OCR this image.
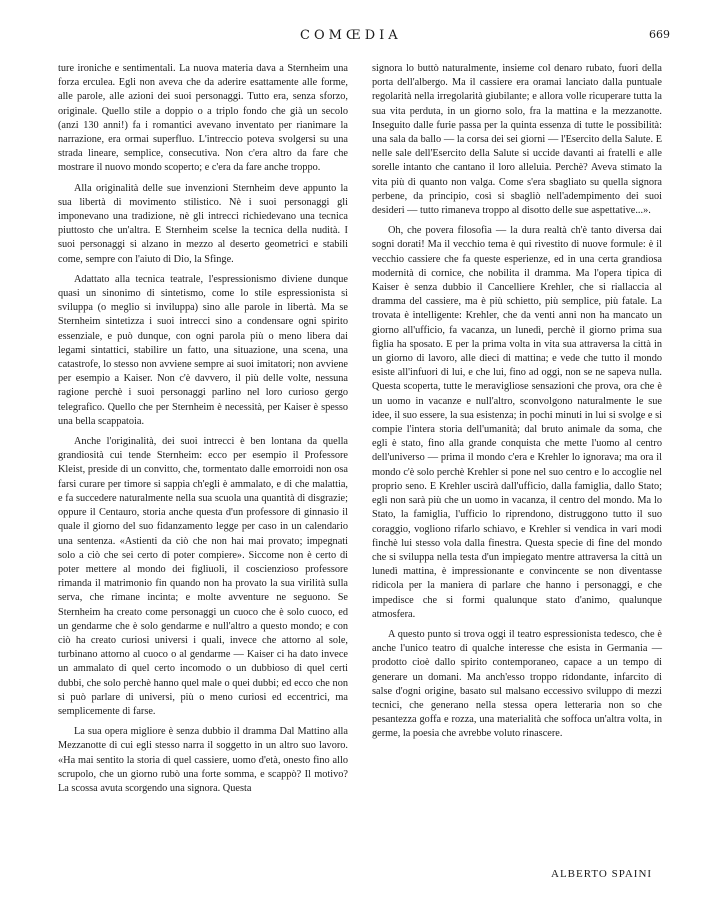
COMŒDIA	669

ture ironiche e sentimentali. La nuova materia dava a Sternheim una forza erculea. Egli non aveva che da aderire esattamente alle forme, alle parole, alle azioni dei suoi personaggi. Tutto era, senza sforzo, originale. Quello stile a doppio o a triplo fondo che già un secolo (anzi 130 anni!) fa i romantici avevano inventato per rianimare la narrazione, era ormai superfluo. L'intreccio poteva svolgersi su una strada lineare, semplice, consecutiva. Non c'era altro da fare che mostrare il nuovo mondo scoperto; e c'era da fare anche troppo.

Alla originalità delle sue invenzioni Sternheim deve appunto la sua libertà di movimento stilistico. Nè i suoi personaggi gli imponevano una tradizione, nè gli intrecci richiedevano una tecnica piuttosto che un'altra. E Sternheim scelse la tecnica della nudità. I suoi personaggi si alzano in mezzo al deserto geometrici e stabili come, sempre con l'aiuto di Dio, la Sfinge.

Adattato alla tecnica teatrale, l'espressionismo diviene dunque quasi un sinonimo di sintetismo, come lo stile espressionista si sviluppa (o meglio si inviluppa) sino alle parole in libertà. Ma se Sternheim sintetizza i suoi intrecci sino a condensare ogni spirito essenziale, e può dunque, con ogni parola più o meno libera dai legami sintattici, stabilire un fatto, una situazione, una scena, una catastrofe, lo stesso non avviene sempre ai suoi imitatori; non avviene per esempio a Kaiser. Non c'è davvero, il più delle volte, nessuna ragione perchè i suoi personaggi parlino nel loro curioso gergo telegrafico. Quello che per Sternheim è necessità, per Kaiser è spesso una bella scappatoia.

Anche l'originalità, dei suoi intrecci è ben lontana da quella grandiosità cui tende Sternheim: ecco per esempio il Professore Kleist, preside di un convitto, che, tormentato dalle emorroidi non osa farsi curare per timore si sappia ch'egli è ammalato, e di che malattia, e fa succedere naturalmente nella sua scuola una quantità di disgrazie; oppure il Centauro, storia anche questa d'un professore di ginnasio il quale il giorno del suo fidanzamento legge per caso in un calendario una sentenza. «Astienti da ciò che non hai mai provato; impegnati solo a ciò che sei certo di poter compiere». Siccome non è certo di poter mettere al mondo dei figliuoli, il coscienzioso professore rimanda il matrimonio fin quando non ha provato la sua virilità sulla serva, che rimane incinta; e molte avventure ne seguono. Se Sternheim ha creato come personaggi un cuoco che è solo cuoco, ed un gendarme che è solo gendarme e null'altro a questo mondo; e con ciò ha creato curiosi universi i quali, invece che attorno al sole, turbinano attorno al cuoco o al gendarme — Kaiser ci ha dato invece un ammalato di quel certo incomodo o un dubbioso di quel certi dubbi, che solo perchè hanno quel male o quei dubbi; ed ecco che non si può parlare di universi, più o meno curiosi ed eccentrici, ma semplicemente di farse.

La sua opera migliore è senza dubbio il dramma Dal Mattino alla Mezzanotte di cui egli stesso narra il soggetto in un altro suo lavoro. «Ha mai sentito la storia di quel cassiere, uomo d'età, onesto fino allo scrupolo, che un giorno rubò una forte somma, e scappò? Il motivo? La scossa avuta scorgendo una signora. Questa

signora lo buttò naturalmente, insieme col denaro rubato, fuori della porta dell'albergo. Ma il cassiere era oramai lanciato dalla puntuale regolarità nella irregolarità giubilante; e allora volle ricuperare tutta la sua vita perduta, in un giorno solo, fra la mattina e la mezzanotte. Inseguito dalle furie passa per la quinta essenza di tutte le possibilità: una sala da ballo — la corsa dei sei giorni — l'Esercito della Salute. E nelle sale dell'Esercito della Salute si uccide davanti ai fratelli e alle sorelle intanto che cantano il loro alleluia. Perchè? Aveva stimato la vita più di quanto non valga. Come s'era sbagliato su quella signora perbene, da principio, così si sbagliò nell'adempimento dei suoi desideri — tutto rimaneva troppo al disotto delle sue aspettative...».

Oh, che povera filosofia — la dura realtà ch'è tanto diversa dai sogni dorati! Ma il vecchio tema è qui rivestito di nuove formule: è il vecchio cassiere che fa queste esperienze, ed in una certa grandiosa modernità di cornice, che nobilita il dramma. Ma l'opera tipica di Kaiser è senza dubbio il Cancelliere Krehler, che si riallaccia al dramma del cassiere, ma è più schietto, più semplice, più fatale. La trovata è intelligente: Krehler, che da venti anni non ha mancato un giorno all'ufficio, fa vacanza, un lunedì, perchè il giorno prima sua figlia ha sposato. E per la prima volta in vita sua attraversa la città in un giorno di lavoro, alle dieci di mattina; e vede che tutto il mondo esiste all'infuori di lui, e che lui, fino ad oggi, non se ne sapeva nulla. Questa scoperta, tutte le meravigliose sensazioni che prova, ora che è un uomo in vacanze e null'altro, sconvolgono naturalmente le sue idee, il suo essere, la sua esistenza; in pochi minuti in lui si svolge e si compie l'intera storia dell'umanità; dal bruto animale da soma, che egli è stato, fino alla grande conquista che mette l'uomo al centro dell'universo — prima il mondo c'era e Krehler lo ignorava; ma ora il mondo c'è solo perchè Krehler si pone nel suo centro e lo accoglie nel proprio seno. E Krehler uscirà dall'ufficio, dalla famiglia, dallo Stato; egli non sarà più che un uomo in vacanza, il centro del mondo. Ma lo Stato, la famiglia, l'ufficio lo riprendono, distruggono tutto il suo coraggio, vogliono rifarlo schiavo, e Krehler si vendica in vari modi finchè lui stesso vola dalla finestra. Questa specie di fine del mondo che si sviluppa nella testa d'un impiegato mentre attraversa la città un lunedì mattina, è impressionante e convincente se non diventasse ridicola per la maniera di parlare che hanno i personaggi, e che impedisce che si formi qualunque stato d'animo, qualunque atmosfera.

A questo punto si trova oggi il teatro espressionista tedesco, che è anche l'unico teatro di qualche interesse che esista in Germania — prodotto cioè dallo spirito contemporaneo, capace a un tempo di generare un domani. Ma anch'esso troppo ridondante, infarcito di salse d'ogni origine, basato sul malsano eccessivo sviluppo di mezzi tecnici, che generano nella stessa opera letteraria non so che pesantezza goffa e rozza, una materialità che soffoca un'altra volta, in germe, la poesia che avrebbe voluto rinascere.

ALBERTO SPAINI
